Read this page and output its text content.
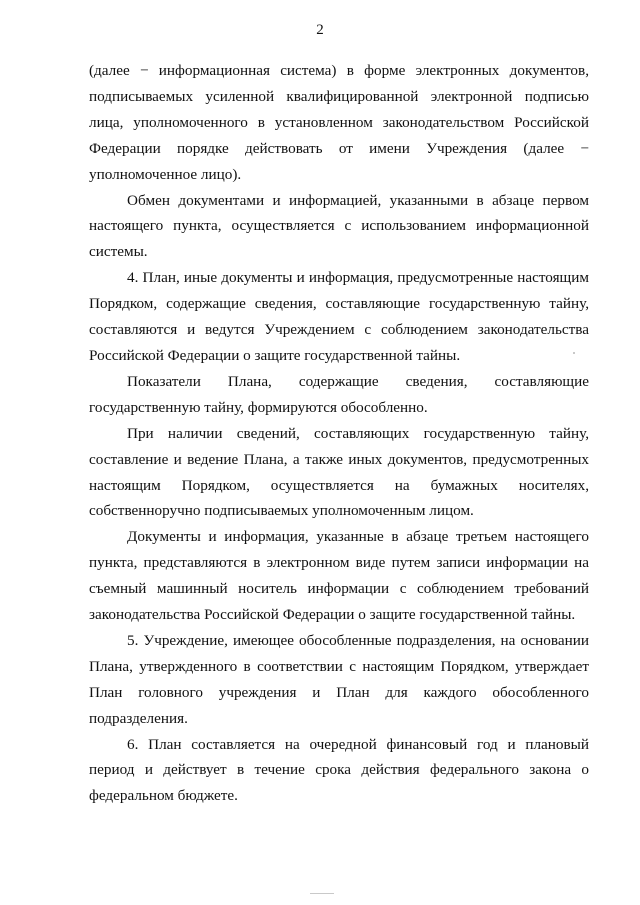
2

(далее − информационная система) в форме электронных документов, подписываемых усиленной квалифицированной электронной подписью лица, уполномоченного в установленном законодательством Российской Федерации порядке действовать от имени Учреждения (далее − уполномоченное лицо).

Обмен документами и информацией, указанными в абзаце первом настоящего пункта, осуществляется с использованием информационной системы.

4. План, иные документы и информация, предусмотренные настоящим Порядком, содержащие сведения, составляющие государственную тайну, составляются и ведутся Учреждением с соблюдением законодательства Российской Федерации о защите государственной тайны.

Показатели Плана, содержащие сведения, составляющие государственную тайну, формируются обособленно.

При наличии сведений, составляющих государственную тайну, составление и ведение Плана, а также иных документов, предусмотренных настоящим Порядком, осуществляется на бумажных носителях, собственноручно подписываемых уполномоченным лицом.

Документы и информация, указанные в абзаце третьем настоящего пункта, представляются в электронном виде путем записи информации на съемный машинный носитель информации с соблюдением требований законодательства Российской Федерации о защите государственной тайны.

5. Учреждение, имеющее обособленные подразделения, на основании Плана, утвержденного в соответствии с настоящим Порядком, утверждает План головного учреждения и План для каждого обособленного подразделения.

6. План составляется на очередной финансовый год и плановый период и действует в течение срока действия федерального закона о федеральном бюджете.
